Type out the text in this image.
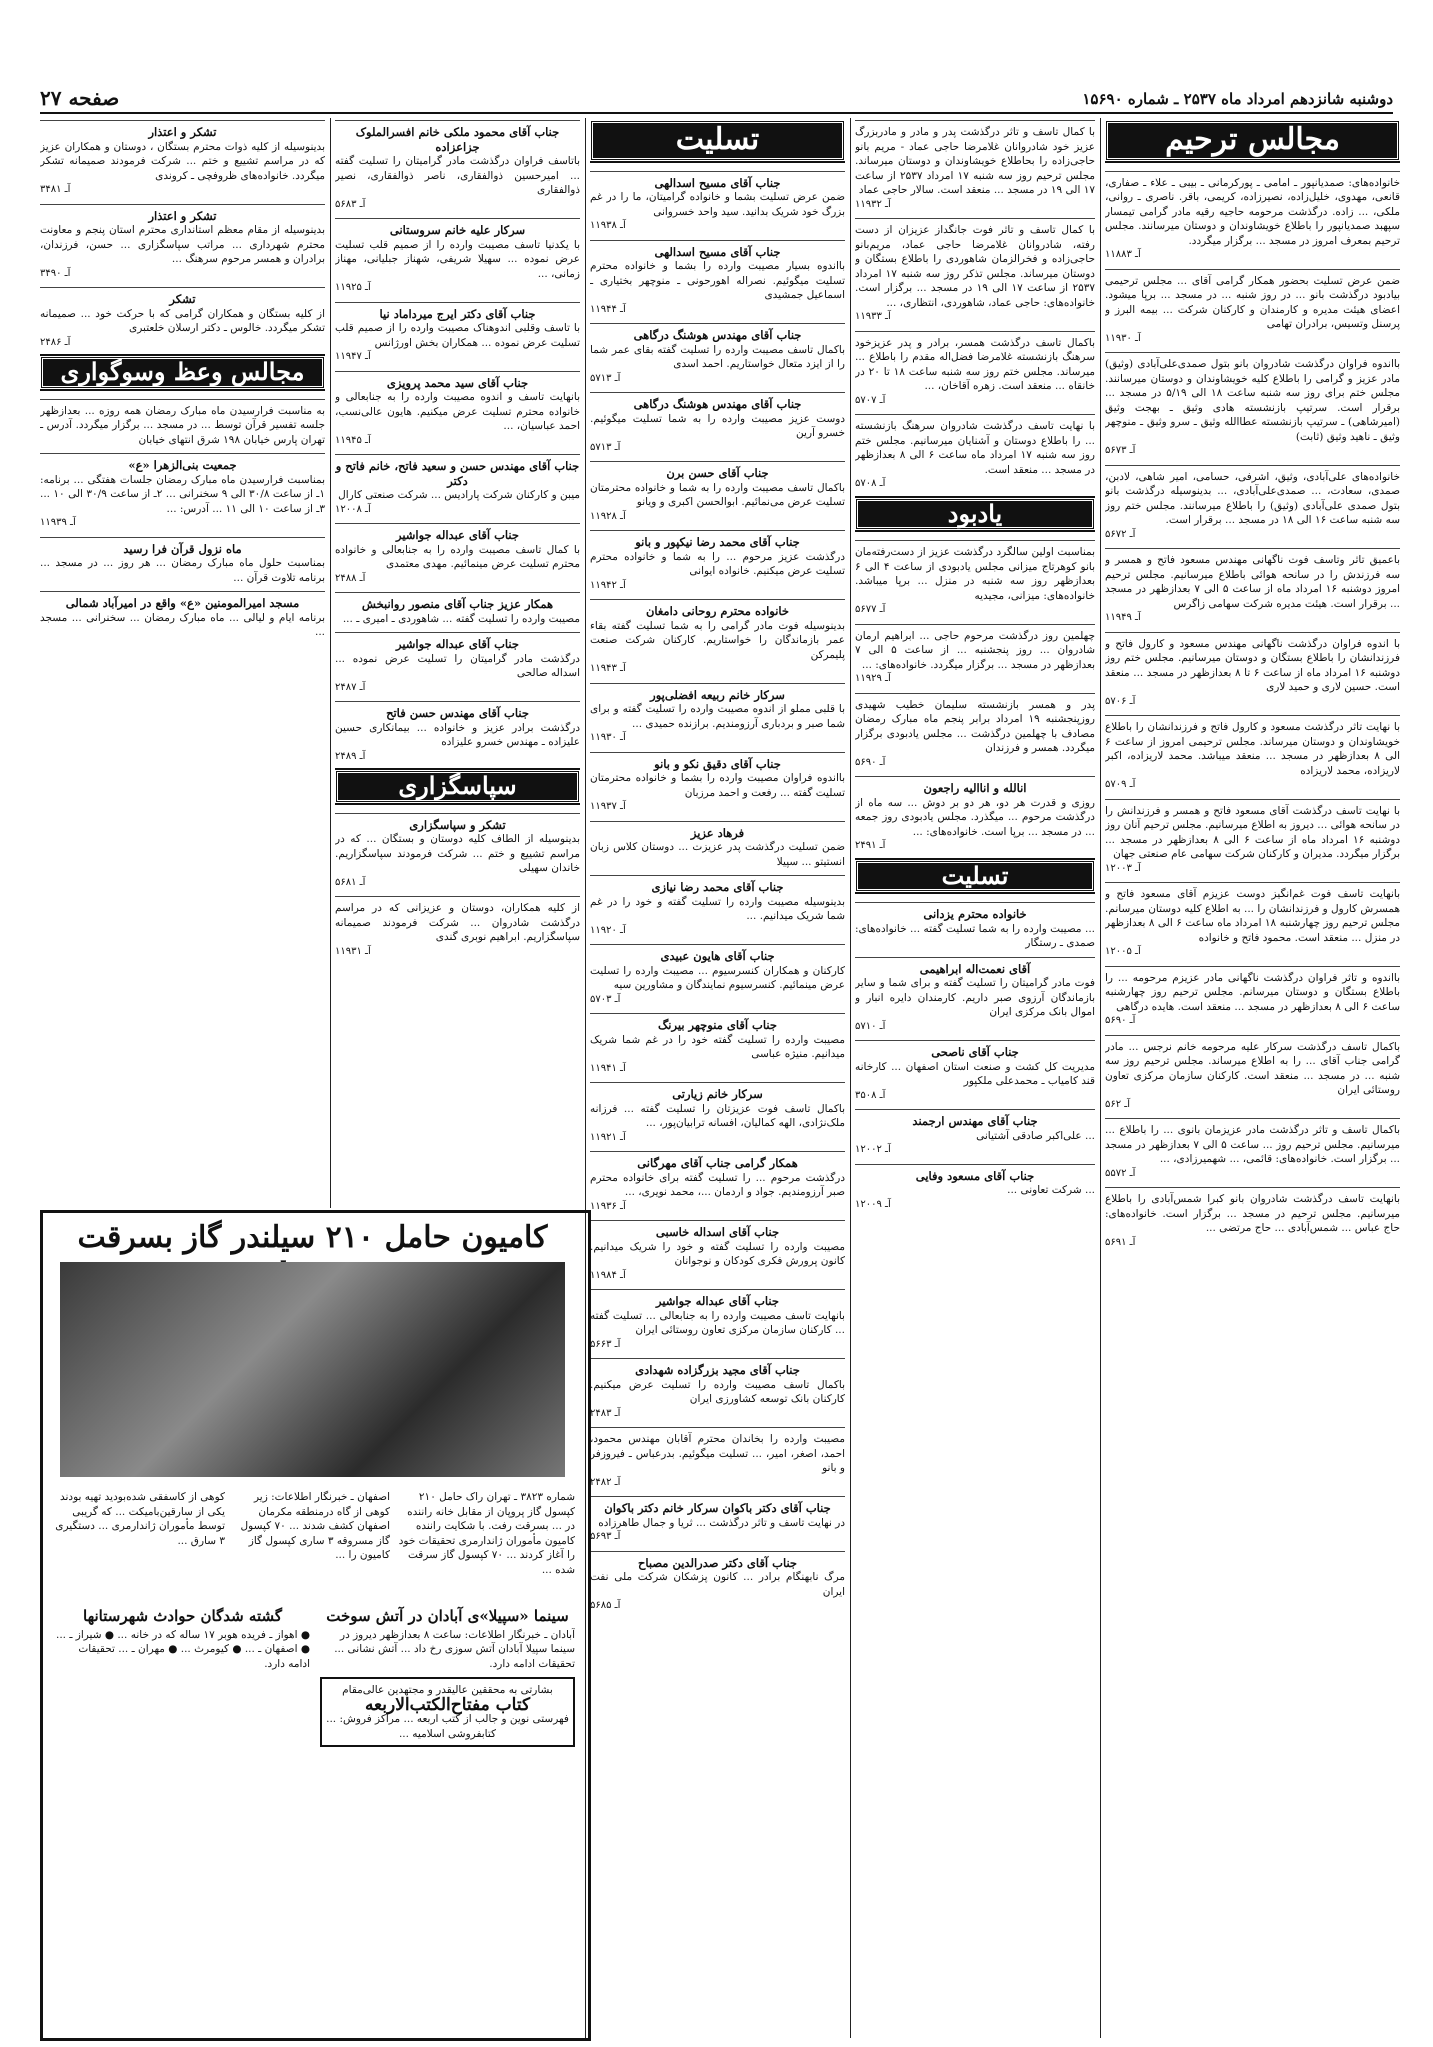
صفحه ۲۷	دوشنبه شانزدهم امرداد ماه ۲۵۳۷ ـ شماره ۱۵۶۹۰
مجالس ترحیم

خانواده‌های: صمدیانپور ـ امامی ـ پورکرمانی ـ بیبی ـ علاء ـ صفاری، قانعی، مهدوی، خلیل‌زاده، نصیرزاده، کریمی، باقر. ناصری ـ روانی، ملکی، ... زاده. درگذشت مرحومه حاجیه رقیه مادر گرامی تیمسار سپهبد صمدیانپور را باطلاع خویشاوندان و دوستان میرسانند. مجلس ترحیم بمعرف امروز در مسجد ... برگزار میگردد.

آـ ۱۱۸۸۳

ضمن عرض تسلیت بحضور همکار گرامی آقای ... مجلس ترحیمی بیادبود درگذشت بانو ... در روز شنبه ... در مسجد ... برپا میشود. اعضای هیئت مدیره و کارمندان و کارکنان شرکت ... بیمه البرز و پرسنل وتسیس، برادران تهامی

آـ ۱۱۹۳۰

بااندوه فراوان درگذشت شادروان بانو بتول صمدی‌علی‌آبادی (وثیق) مادر عزیز و گرامی را باطلاع کلیه خویشاوندان و دوستان میرسانند. مجلس ختم برای روز سه شنبه ساعت ۱۸ الی ۵/۱۹ در مسجد ... برقرار است. سرتیپ بازنشسته هادی وثیق ـ بهجت وثیق (امیرشاهی) ـ سرتیپ بازنشسته عطاالله وثیق ـ سرو وثیق ـ منوچهر وثیق ـ ناهید وثیق (ثابت)

آـ ۵۶۷۳

خانواده‌های علی‌آبادی، وثیق، اشرفی، حسامی، امیر شاهی، لادبن، صمدی، سعادت، ... صمدی‌علی‌آبادی، ... بدینوسیله درگذشت بانو بتول صمدی علی‌آبادی (وثیق) را باطلاع میرسانند. مجلس ختم روز سه شنبه ساعت ۱۶ الی ۱۸ در مسجد ... برقرار است.

آـ ۵۶۷۲

باعمیق تاثر وتاسف فوت ناگهانی مهندس مسعود فاتح و همسر و سه فرزندش را در سانحه هوائی باطلاع میرسانیم. مجلس ترحیم امروز دوشنبه ۱۶ امرداد ماه از ساعت ۵ الی ۷ بعدازظهر در مسجد ... برقرار است. هیئت مدیره شرکت سهامی زاگرس

آـ ۱۱۹۴۹

با اندوه فراوان درگذشت ناگهانی مهندس مسعود و کارول فاتح و فرزندانشان را باطلاع بستگان و دوستان میرسانیم. مجلس ختم روز دوشنبه ۱۶ امرداد ماه از ساعت ۶ تا ۸ بعدازظهر در مسجد ... منعقد است. حسین لاری و حمید لاری

آـ ۵۷۰۶

با نهایت تاثر درگذشت مسعود و کارول فاتح و فرزندانشان را باطلاع خویشاوندان و دوستان میرساند. مجلس ترحیمی امروز از ساعت ۶ الی ۸ بعدازظهر در مسجد ... منعقد میباشد. محمد لاریزاده، اکبر لاریزاده، محمد لاریزاده

آـ ۵۷۰۹

با نهایت تاسف درگذشت آقای مسعود فاتح و همسر و فرزندانش را در سانحه هوائی ... دیروز به اطلاع میرسانیم. مجلس ترحیم آنان روز دوشنبه ۱۶ امرداد ماه از ساعت ۶ الی ۸ بعدازظهر در مسجد ... برگزار میگردد. مدیران و کارکنان شرکت سهامی عام صنعتی جهان

آـ ۱۲۰۰۳

بانهایت تاسف فوت غم‌انگیز دوست عزیزم آقای مسعود فاتح و همسرش کارول و فرزندانشان را ... به اطلاع کلیه دوستان میرسانم. مجلس ترحیم روز چهارشنبه ۱۸ امرداد ماه ساعت ۶ الی ۸ بعدازظهر در منزل ... منعقد است. محمود فاتح و خانواده

آـ ۱۲۰۰۵

بااندوه و تاثر فراوان درگذشت ناگهانی مادر عزیزم مرحومه ... را باطلاع بستگان و دوستان میرسانم. مجلس ترحیم روز چهارشنبه ساعت ۶ الی ۸ بعدازظهر در مسجد ... منعقد است. هایده درگاهی

آـ ۵۶۹۰

باکمال تاسف درگذشت سرکار علیه مرحومه خانم نرجس ... مادر گرامی جناب آقای ... را به اطلاع میرساند. مجلس ترحیم روز سه شنبه ... در مسجد ... منعقد است. کارکنان سازمان مرکزی تعاون روستائی ایران

آـ ۵۶۲

باکمال تاسف و تاثر درگذشت مادر عزیزمان بانوی ... را باطلاع ... میرسانیم. مجلس ترحیم روز ... ساعت ۵ الی ۷ بعدازظهر در مسجد ... برگزار است. خانواده‌های: قائمی، ... شهمیرزادی، ...

آـ ۵۵۷۲

بانهایت تاسف درگذشت شادروان بانو کبرا شمس‌آبادی را باطلاع میرسانیم. مجلس ترحیم در مسجد ... برگزار است. خانواده‌های: حاج عباس ... شمس‌آبادی ... حاج مرتضی ...

آـ ۵۶۹۱

با کمال تاسف و تاثر درگذشت پدر و مادر و مادربزرگ عزیز خود شادروانان غلامرضا حاجی عماد - مریم بانو حاجی‌زاده را بحاطلاع خویشاوندان و دوستان میرساند. مجلس ترحیم روز سه شنبه ۱۷ امرداد ۲۵۳۷ از ساعت ۱۷ الی ۱۹ در مسجد ... منعقد است. سالار حاجی عماد

آـ ۱۱۹۳۲

با کمال تاسف و تاثر فوت جانگداز عزیزان از دست رفته، شادروانان غلامرضا حاجی عماد، مریم‌بانو حاجی‌زاده و فخرالزمان شاهوردی را باطلاع بستگان و دوستان میرساند. مجلس تذکر روز سه شنبه ۱۷ امرداد ۲۵۳۷ از ساعت ۱۷ الی ۱۹ در مسجد ... برگزار است. خانواده‌های: حاجی عماد، شاهوردی، انتظاری، ...

آـ ۱۱۹۳۳

باکمال تاسف درگذشت همسر، برادر و پدر عزیزخود سرهنگ بازنشسته غلامرضا فضل‌اله مقدم را باطلاع ... میرساند. مجلس ختم روز سه شنبه ساعت ۱۸ تا ۲۰ در خانقاه ... منعقد است. زهره آقاخان، ...

آـ ۵۷۰۷

با نهایت تاسف درگذشت شادروان سرهنگ بازنشسته ... را باطلاع دوستان و آشنایان میرسانیم. مجلس ختم روز سه شنبه ۱۷ امرداد ماه ساعت ۶ الی ۸ بعدازظهر در مسجد ... منعقد است.

آـ ۵۷۰۸
یادبود

بمناسبت اولین سالگرد درگذشت عزیز از دست‌رفته‌مان بانو کوهرتاج میزانی مجلس یادبودی از ساعت ۴ الی ۶ بعدازظهر روز سه شنبه در منزل ... برپا میباشد. خانواده‌های: میزانی، مجیدیه

آـ ۵۶۷۷

چهلمین روز درگذشت مرحوم حاجی ... ابراهیم ارمان شادروان ... روز پنجشنبه ... از ساعت ۵ الی ۷ بعدازظهر در مسجد ... برگزار میگردد. خانواده‌های: ...

آـ ۱۱۹۲۹

پدر و همسر بازنشسته سلیمان خطیب شهیدی روزپنجشنبه ۱۹ امرداد برابر پنجم ماه مبارک رمضان مصادف با چهلمین درگذشت ... مجلس یادبودی برگزار میگردد. همسر و فرزندان

آـ ۵۶۹۰
انالله و اناالیه راجعون

روزی و قدرت هر دو، هر دو بر دوش ... سه ماه از درگذشت مرحوم ... میگذرد. مجلس یادبودی روز جمعه ... در مسجد ... برپا است. خانواده‌های: ...

آـ ۲۴۹۱
تسلیت
خانواده محترم یزدانی

... مصیبت وارده را به شما تسلیت گفته ... خانواده‌های: صمدی ـ رستگار

آقای نعمت‌اله ابراهیمی

فوت مادر گرامیتان را تسلیت گفته و برای شما و سایر بازماندگان آرزوی صبر داریم. کارمندان دایره انبار و اموال بانک مرکزی ایران

آـ ۵۷۱۰
جناب آقای ناصحی

مدیریت کل کشت و صنعت استان اصفهان ... کارخانه قند کامیاب ـ محمدعلی ملکپور

آـ ۳۵۰۸
جناب آقای مهندس ارجمند

... علی‌اکبر صادقی آشتیانی

آـ ۱۲۰۰۲
جناب آقای مسعود وفایی

... شرکت تعاونی ...

آـ ۱۲۰۰۹
تسلیت
جناب آقای مسیح اسدالهی

ضمن عرض تسلیت بشما و خانواده گرامیتان، ما را در غم بزرگ خود شریک بدانید. سید واحد خسروانی

آـ ۱۱۹۳۸
جناب آقای مسیح اسدالهی

بااندوه بسیار مصیبت وارده را بشما و خانواده محترم تسلیت میگوئیم. نصراله اهورحونی ـ منوچهر بختیاری ـ اسماعیل جمشیدی

آـ ۱۱۹۴۴
جناب آقای مهندس هوشنگ درگاهی

باکمال تاسف مصیبت وارده را تسلیت گفته بقای عمر شما را از ایزد متعال خواستاریم. احمد اسدی

آـ ۵۷۱۳
جناب آقای مهندس هوشنگ درگاهی

دوست عزیز مصیبت وارده را به شما تسلیت میگوئیم. خسرو آرین

آـ ۵۷۱۳
جناب آقای حسن برن

باکمال تاسف مصیبت وارده را به شما و خانواده محترمتان تسلیت عرض می‌نمائیم. ابوالحسن اکبری و ویانو

آـ ۱۱۹۲۸
جناب آقای محمد رضا نیکپور و بانو

درگذشت عزیز مرحوم ... را به شما و خانواده محترم تسلیت عرض میکنیم. خانواده ایوانی

آـ ۱۱۹۴۲
خانواده محترم روحانی دامغان

بدینوسیله فوت مادر گرامی را به شما تسلیت گفته بقاء عمر بازماندگان را خواستاریم. کارکنان شرکت صنعت پلیمرکن

آـ ۱۱۹۴۳
سرکار خانم ربیعه افضلی‌پور

با قلبی مملو از اندوه مصیبت وارده را تسلیت گفته و برای شما صبر و بردباری آرزومندیم. برازنده حمیدی ...

آـ ۱۱۹۳۰
جناب آقای دقیق نکو و بانو

بااندوه فراوان مصیبت وارده را بشما و خانواده محترمتان تسلیت گفته ... رفعت و احمد مرزبان

آـ ۱۱۹۳۷
فرهاد عزیز

ضمن تسلیت درگذشت پدر عزیزت ... دوستان کلاس زبان انستیتو ... سپیلا

جناب آقای محمد رضا نیازی

بدینوسیله مصیبت وارده را تسلیت گفته و خود را در غم شما شریک میدانیم. ...

آـ ۱۱۹۲۰
جناب آقای هایون عبیدی

کارکنان و همکاران کنسرسیوم ... مصیبت وارده را تسلیت عرض مینمائیم. کنسرسیوم نمایندگان و مشاورین سیه

آـ ۵۷۰۳
جناب آقای منوچهر بیرنگ

مصیبت وارده را تسلیت گفته خود را در غم شما شریک میدانیم. منیژه عباسی

آـ ۱۱۹۴۱
سرکار خانم زیارتی

باکمال تاسف فوت عزیزتان را تسلیت گفته ... فرزانه ملک‌نژادی، الهه کمالیان، افسانه ترابیان‌پور، ...

آـ ۱۱۹۲۱
همکار گرامی جناب آقای مهرگانی

درگذشت مرحوم ... را تسلیت گفته برای خانواده محترم صبر آرزومندیم. جواد و اردمان ...، محمد نویری، ...

آـ ۱۱۹۳۶
جناب آقای اسداله خاسبی

مصیبت وارده را تسلیت گفته و خود را شریک میدانیم. کانون پرورش فکری کودکان و نوجوانان

آـ ۱۱۹۸۴
جناب آقای عبداله جواشیر

بانهایت تاسف مصیبت وارده را به جنابعالی ... تسلیت گفته ... کارکنان سازمان مرکزی تعاون روستائی ایران

آـ ۵۶۶۳
جناب آقای مجید بزرگزاده شهدادی

باکمال تاسف مصیبت وارده را تسلیت عرض میکنیم. کارکنان بانک توسعه کشاورزی ایران

آـ ۲۴۸۳

مصیبت وارده را بخاندان محترم آقابان مهندس محمود، احمد، اصغر، امیر، ... تسلیت میگوئیم. بدرعباس ـ فیروزفر و بانو

آـ ۲۴۸۲
جناب آقای دکتر باکوان سرکار خانم دکتر باکوان

در نهایت تاسف و تاثر درگذشت ... ثریا و جمال طاهرزاده

آـ ۵۶۹۳
جناب آقای دکتر صدرالدین مصباح

مرگ نابهنگام برادر ... کانون پزشکان شرکت ملی نفت ایران

آـ ۵۶۸۵
جناب آقای محمود ملکی خانم افسرالملوک جزاعزاده

باتاسف فراوان درگذشت مادر گرامیتان را تسلیت گفته ... امیرحسین ذوالفقاری، ناصر ذوالفقاری، نصیر ذوالفقاری

آـ ۵۶۸۳
سرکار علیه خانم سروستانی

با یکدنیا تاسف مصیبت وارده را از صمیم قلب تسلیت عرض نموده ... سهیلا شریفی، شهناز جبلیانی، مهناز زمانی، ...

آـ ۱۱۹۲۵
جناب آقای دکتر ایرج میرداماد نیا

با تاسف وقلبی اندوهناک مصیبت وارده را از صمیم قلب تسلیت عرض نموده ... همکاران بخش اورژانس

آـ ۱۱۹۴۷
جناب آقای سید محمد پرویزی

بانهایت تاسف و اندوه مصیبت وارده را به جنابعالی و خانواده محترم تسلیت عرض میکنیم. هایون عالی‌نسب، احمد عباسیان، ...

آـ ۱۱۹۴۵
جناب آقای مهندس حسن و سعید فاتح، خانم فاتح و دکتر

میبن و کارکنان شرکت پارادیس ... شرکت صنعتی کارال

آـ ۱۲۰۰۸
جناب آقای عبداله جواشیر

با کمال تاسف مصیبت وارده را به جنابعالی و خانواده محترم تسلیت عرض مینمائیم. مهدی معتمدی

آـ ۲۴۸۸
همکار عزیز جناب آقای منصور روانبخش

مصیبت وارده را تسلیت گفته ... شاهوردی ـ امیری ـ ...

جناب آقای عبداله جواشیر

درگذشت مادر گرامیتان را تسلیت عرض نموده ... اسداله صالحی

آـ ۲۴۸۷
جناب آقای مهندس حسن فاتح

درگذشت برادر عزیز و خانواده ... بیمانکاری حسین علیزاده ـ مهندس خسرو علیزاده

آـ ۲۴۸۹
سپاسگزاری
تشکر و سپاسگزاری

بدینوسیله از الطاف کلیه دوستان و بستگان ... که در مراسم تشییع و ختم ... شرکت فرمودند سپاسگزاریم. خاندان سهیلی

آـ ۵۶۸۱

از کلیه همکاران، دوستان و عزیزانی که در مراسم درگذشت شادروان ... شرکت فرمودند صمیمانه سپاسگزاریم. ابراهیم نوبری گندی

آـ ۱۱۹۳۱
تشکر و اعتذار

بدینوسیله از کلیه ذوات محترم بستگان ، دوستان و همکاران عزیز که در مراسم تشییع و ختم ... شرکت فرمودند صمیمانه تشکر میگردد. خانواده‌های ظروفچی ـ کروندی

آـ ۳۴۸۱
تشکر و اعتذار

بدینوسیله از مقام معظم استانداری محترم استان پنجم و معاونت محترم شهرداری ... مراتب سپاسگزاری ... حسن، فرزندان، برادران و همسر مرحوم سرهنگ ...

آـ ۳۴۹۰
تشکر

از کلیه بستگان و همکاران گرامی که با حرکت خود ... صمیمانه تشکر میگردد. خالوس ـ دکتر ارسلان خلعتبری

آـ ۲۴۸۶
مجالس وعظ وسوگواری

به مناسبت فرارسیدن ماه مبارک رمضان همه روزه ... بعدازظهر جلسه تفسیر قرآن توسط ... در مسجد ... برگزار میگردد. آدرس ـ تهران پارس خیابان ۱۹۸ شرق انتهای خیابان

جمعیت بنی‌الزهرا «ع»

بمناسبت فرارسیدن ماه مبارک رمضان جلسات هفتگی ... برنامه: ۱ـ از ساعت ۳۰/۸ الی ۹ سخنرانی ... ۲ـ از ساعت ۳۰/۹ الی ۱۰ ... ۳ـ از ساعت ۱۰ الی ۱۱ ... آدرس: ...

آـ ۱۱۹۳۹
ماه نزول قرآن فرا رسید

بمناسبت حلول ماه مبارک رمضان ... هر روز ... در مسجد ... برنامه تلاوت قرآن ...

مسجد امیرالمومنین «ع» واقع در امیرآباد شمالی

برنامه ایام و لیالی ... ماه مبارک رمضان ... سخنرانی ... مسجد ...

کامیون حامل ۲۱۰ سیلندر گاز بسرقت
شماره ۳۸۲۳ ـ تهران راک حامل ۲۱۰ کپسول گاز پروپان از مقابل خانه راننده در ... بسرقت رفت. با شکایت راننده کامیون مأموران ژاندارمری تحقیقات خود را آغاز کردند ... ۷۰ کپسول گاز سرقت شده ...
اصفهان ـ خبرنگار اطلاعات: زیر کوهی از گاه درمنطقه مکرمان اصفهان کشف شدند ... ۷۰ کپسول گاز مسروقه ۳ ساری کپسول گاز کامیون را ...
کوهی از کاسفقی شده‌بودید تهیه بودند یکی از سارقین‌بامیکت ... که گریبی توسط مأموران ژاندارمری ... دستگیری ۳ سارق ...
سینما «سپیلا»ی آبادان در آتش سوخت
آبادان ـ خبرنگار اطلاعات: ساعت ۸ بعدازظهر دیروز در سینما سپیلا آبادان آتش سوزی رخ داد ... آتش نشانی ... تحقیقات ادامه دارد.
بشارتی به محققین عالیقدر و مجتهدین عالی‌مقام
کتاب مفتاح‌الکتب‌الاربعه
فهرستی نوین و جالب از کتب اربعه ... مراکز فروش: ... کتابفروشی اسلامیه ...
گشته شدگان حوادث شهرستانها
● اهواز ـ فریده هوبر ۱۷ ساله که در خانه ... ● شیراز ـ ... ● اصفهان ـ ... ● کیومرث ... ● مهران ـ ... تحقیقات ادامه دارد.
